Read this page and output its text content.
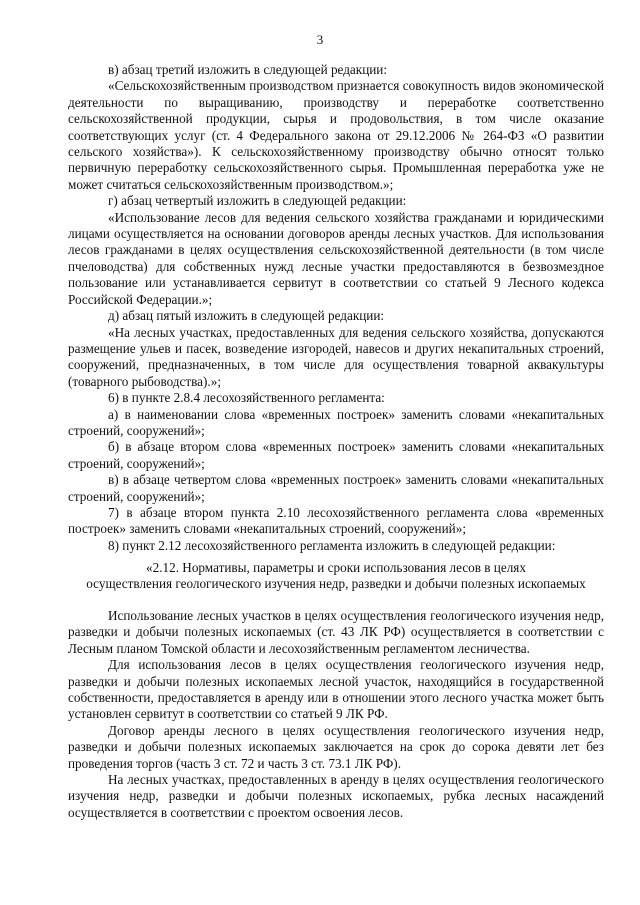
3

в) абзац третий изложить в следующей редакции:

«Сельскохозяйственным производством признается совокупность видов экономической деятельности по выращиванию, производству и переработке соответственно сельскохозяйственной продукции, сырья и продовольствия, в том числе оказание соответствующих услуг (ст. 4 Федерального закона от 29.12.2006 № 264-ФЗ «О развитии сельского хозяйства»). К сельскохозяйственному производству обычно относят только первичную переработку сельскохозяйственного сырья. Промышленная переработка уже не может считаться сельскохозяйственным производством.»;

г) абзац четвертый изложить в следующей редакции:

«Использование лесов для ведения сельского хозяйства гражданами и юридическими лицами осуществляется на основании договоров аренды лесных участков. Для использования лесов гражданами в целях осуществления сельскохозяйственной деятельности (в том числе пчеловодства) для собственных нужд лесные участки предоставляются в безвозмездное пользование или устанавливается сервитут в соответствии со статьей 9 Лесного кодекса Российской Федерации.»;

д) абзац пятый изложить в следующей редакции:

«На лесных участках, предоставленных для ведения сельского хозяйства, допускаются размещение ульев и пасек, возведение изгородей, навесов и других некапитальных строений, сооружений, предназначенных, в том числе для осуществления товарной аквакультуры (товарного рыбоводства).»;

6) в пункте 2.8.4 лесохозяйственного регламента:

а) в наименовании слова «временных построек» заменить словами «некапитальных строений, сооружений»;

б) в абзаце втором слова «временных построек» заменить словами «некапитальных строений, сооружений»;

в) в абзаце четвертом слова «временных построек» заменить словами «некапитальных строений, сооружений»;

7) в абзаце втором пункта 2.10 лесохозяйственного регламента слова «временных построек» заменить словами «некапитальных строений, сооружений»;

8) пункт 2.12 лесохозяйственного регламента изложить в следующей редакции:

«2.12. Нормативы, параметры и сроки использования лесов в целях

осуществления геологического изучения недр, разведки и добычи полезных ископаемых

Использование лесных участков в целях осуществления геологического изучения недр, разведки и добычи полезных ископаемых (ст. 43 ЛК РФ) осуществляется в соответствии с Лесным планом Томской области и лесохозяйственным регламентом лесничества.

Для использования лесов в целях осуществления геологического изучения недр, разведки и добычи полезных ископаемых лесной участок, находящийся в государственной собственности, предоставляется в аренду или в отношении этого лесного участка может быть установлен сервитут в соответствии со статьей 9 ЛК РФ.

Договор аренды лесного в целях осуществления геологического изучения недр, разведки и добычи полезных ископаемых заключается на срок до сорока девяти лет без проведения торгов (часть 3 ст. 72 и часть 3 ст. 73.1 ЛК РФ).

На лесных участках, предоставленных в аренду в целях осуществления геологического изучения недр, разведки и добычи полезных ископаемых, рубка лесных насаждений осуществляется в соответствии с проектом освоения лесов.
